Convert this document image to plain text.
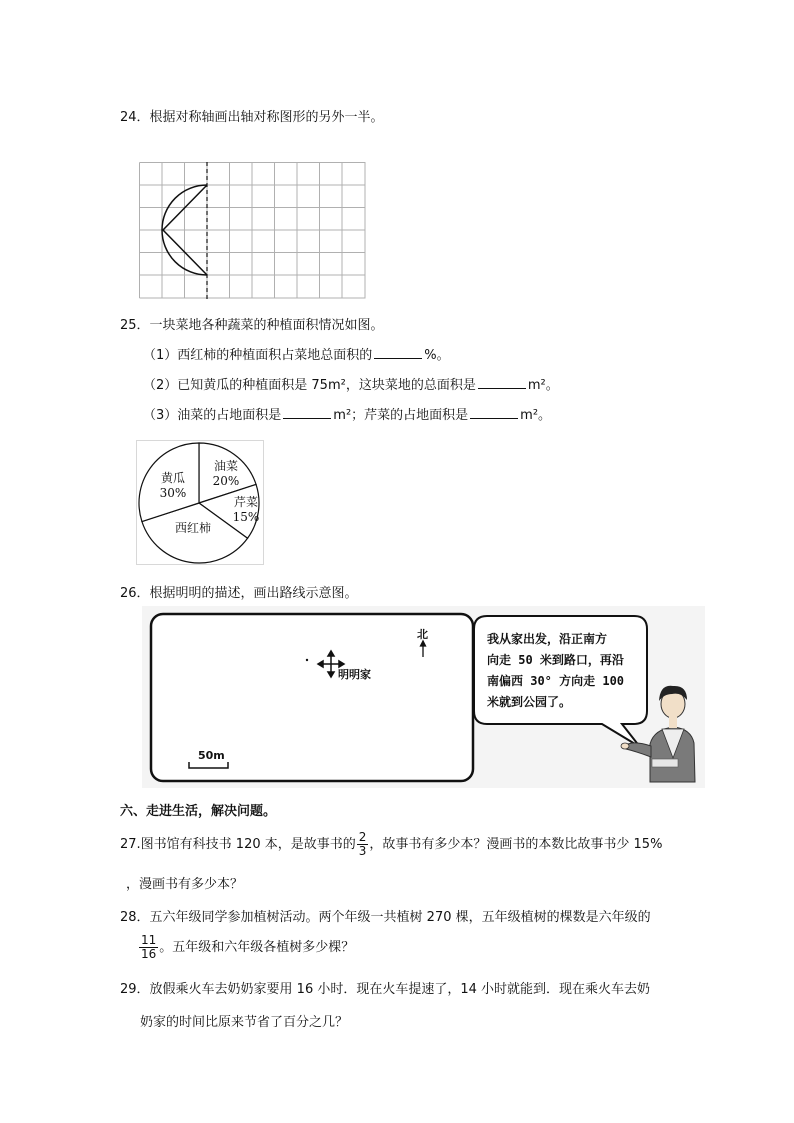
24．根据对称轴画出轴对称图形的另外一半。
25．一块菜地各种蔬菜的种植面积情况如图。
（1）西红柿的种植面积占菜地总面积的	%。
（2）已知黄瓜的种植面积是 75m²，这块菜地的总面积是	m²。
（3）油菜的占地面积是	m²；芹菜的占地面积是	m²。
黄瓜
30%
油菜
20%
芹菜
15%
西红柿
26．根据明明的描述，画出路线示意图。
明明家
北
50m
我从家出发，沿正南方
向走 50 米到路口，再沿
南偏西 30° 方向走 100
米就到公园了。
六、走进生活，解决问题。
27.图书馆有科技书 120 本，是故事书的 $\frac{2}{3}$ ，故事书有多少本？漫画书的本数比故事书少 15%
，漫画书有多少本？
28．五六年级同学参加植树活动。两个年级一共植树 270 棵，五年级植树的棵数是六年级的
$\frac{11}{16}$ 。五年级和六年级各植树多少棵？
29．放假乘火车去奶奶家要用 16 小时．现在火车提速了，14 小时就能到．现在乘火车去奶
奶家的时间比原来节省了百分之几？
